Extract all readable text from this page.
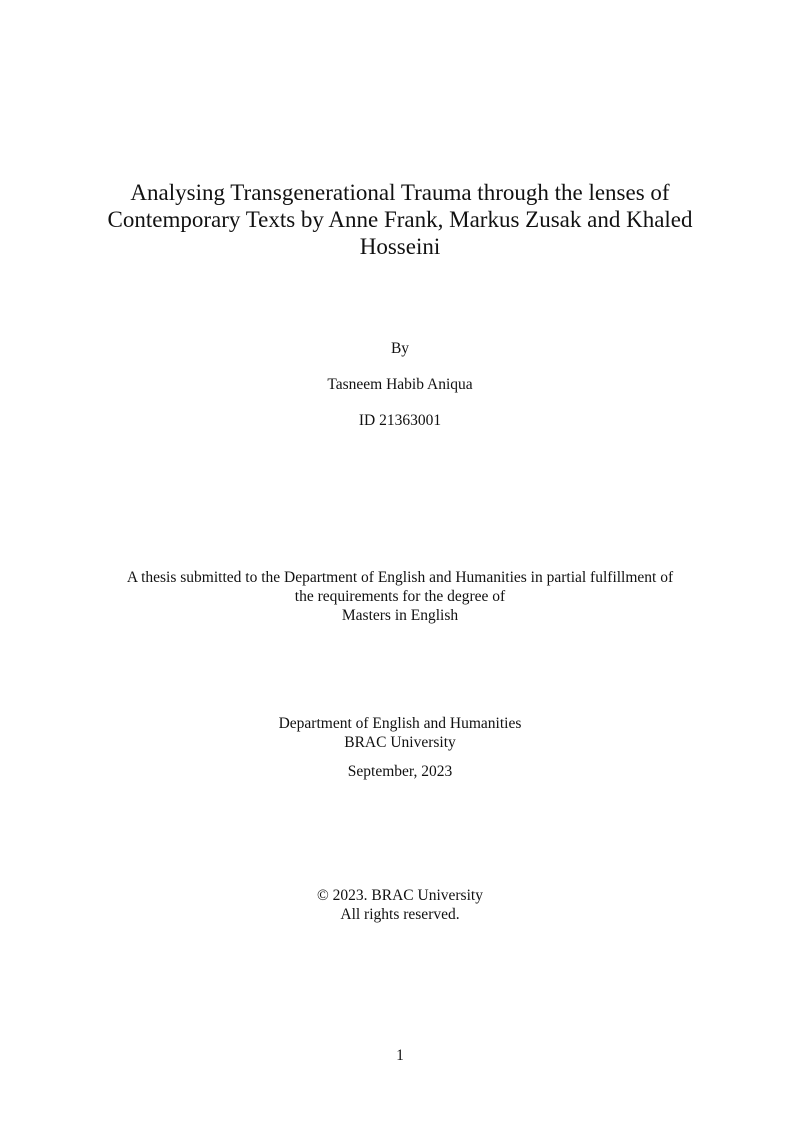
Analysing Transgenerational Trauma through the lenses of
Contemporary Texts by Anne Frank, Markus Zusak and Khaled
Hosseini
By
Tasneem Habib Aniqua
ID 21363001
A thesis submitted to the Department of English and Humanities in partial fulfillment of
the requirements for the degree of
Masters in English
Department of English and Humanities
BRAC University
September, 2023
© 2023. BRAC University
All rights reserved.
1
